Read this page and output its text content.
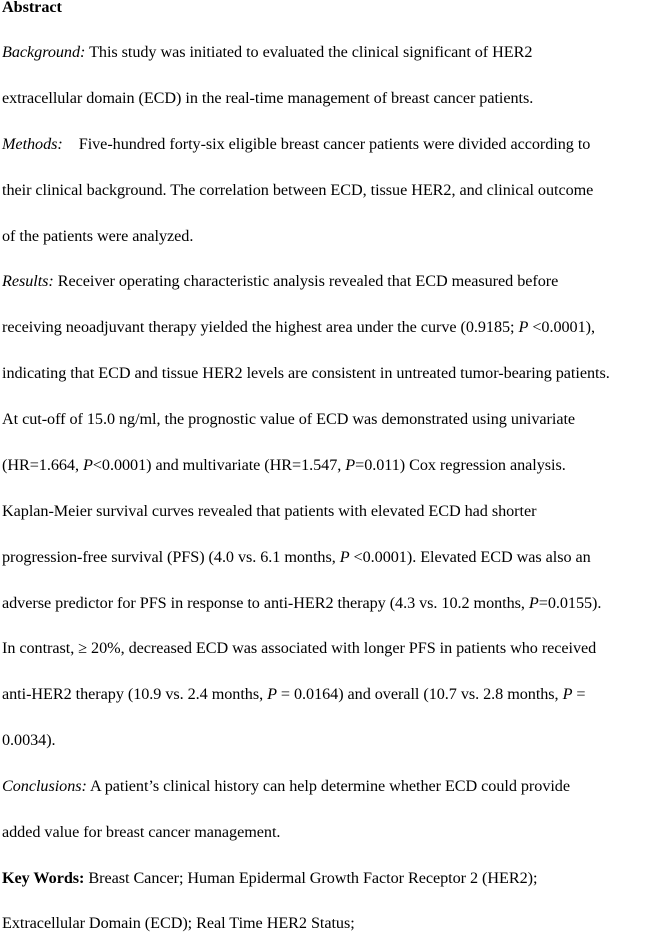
Abstract
Background: This study was initiated to evaluated the clinical significant of HER2
extracellular domain (ECD) in the real-time management of breast cancer patients.
Methods:    Five-hundred forty-six eligible breast cancer patients were divided according to
their clinical background. The correlation between ECD, tissue HER2, and clinical outcome
of the patients were analyzed.
Results: Receiver operating characteristic analysis revealed that ECD measured before
receiving neoadjuvant therapy yielded the highest area under the curve (0.9185; P <0.0001),
indicating that ECD and tissue HER2 levels are consistent in untreated tumor-bearing patients.
At cut-off of 15.0 ng/ml, the prognostic value of ECD was demonstrated using univariate
(HR=1.664, P<0.0001) and multivariate (HR=1.547, P=0.011) Cox regression analysis.
Kaplan-Meier survival curves revealed that patients with elevated ECD had shorter
progression-free survival (PFS) (4.0 vs. 6.1 months, P <0.0001). Elevated ECD was also an
adverse predictor for PFS in response to anti-HER2 therapy (4.3 vs. 10.2 months, P=0.0155).
In contrast, ≥ 20%, decreased ECD was associated with longer PFS in patients who received
anti-HER2 therapy (10.9 vs. 2.4 months, P = 0.0164) and overall (10.7 vs. 2.8 months, P =
0.0034).
Conclusions: A patient’s clinical history can help determine whether ECD could provide
added value for breast cancer management.
Key Words: Breast Cancer; Human Epidermal Growth Factor Receptor 2 (HER2);
Extracellular Domain (ECD); Real Time HER2 Status;
